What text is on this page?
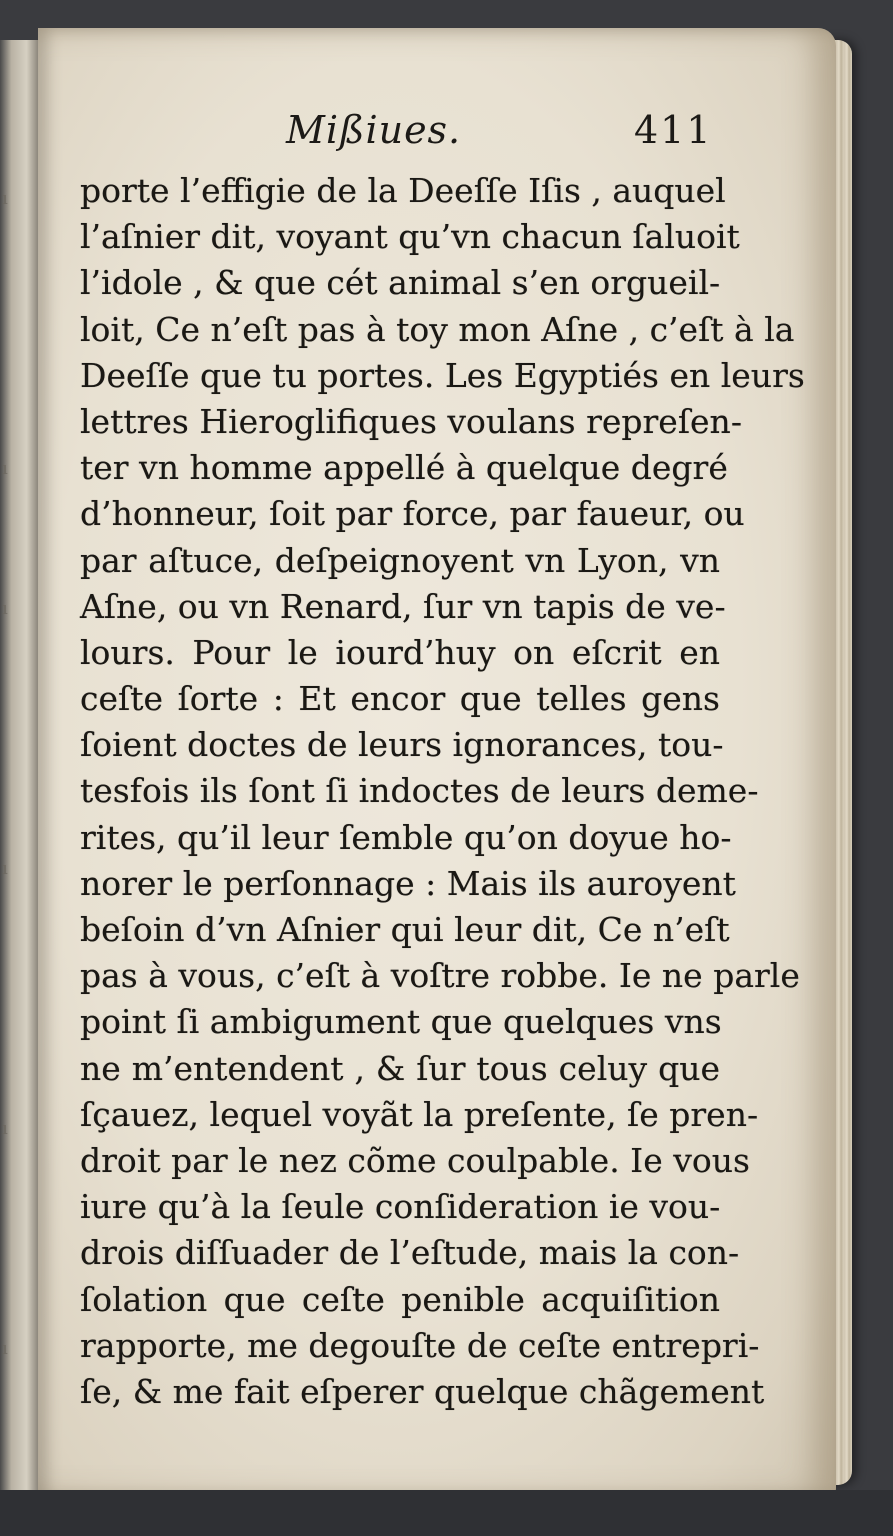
ı
ı
ı
ı
ı
ı
Mißiues.	411
porte l’effigie de la Deeſſe Iſis , auquel
l’aſnier dit, voyant qu’vn chacun ſaluoit
l’idole , & que cét animal s’en orgueil-
loit, Ce n’eſt pas à toy mon Aſne , c’eſt à la
Deeſſe que tu portes. Les Egyptiés en leurs
lettres Hieroglifiques voulans repreſen-
ter vn homme appellé à quelque degré
d’honneur, ſoit par force, par faueur, ou
par aſtuce, deſpeignoyent vn Lyon, vn
Aſne, ou vn Renard, ſur vn tapis de ve-
lours. Pour le iourd’huy on eſcrit en
ceſte ſorte : Et encor que telles gens
ſoient doctes de leurs ignorances, tou-
tesfois ils ſont ſi indoctes de leurs deme-
rites, qu’il leur ſemble qu’on doyue ho-
norer le perſonnage : Mais ils auroyent
beſoin d’vn Aſnier qui leur dit, Ce n’eſt
pas à vous, c’eſt à voſtre robbe. Ie ne parle
point ſi ambigument que quelques vns
ne m’entendent , & ſur tous celuy que
ſçauez, lequel voyãt la preſente, ſe pren-
droit par le nez cõme coulpable. Ie vous
iure qu’à la ſeule conſideration ie vou-
drois diſſuader de l’eſtude, mais la con-
ſolation que ceſte penible acquiſition
rapporte, me degouſte de ceſte entrepri-
ſe, & me fait eſperer quelque chãgement
